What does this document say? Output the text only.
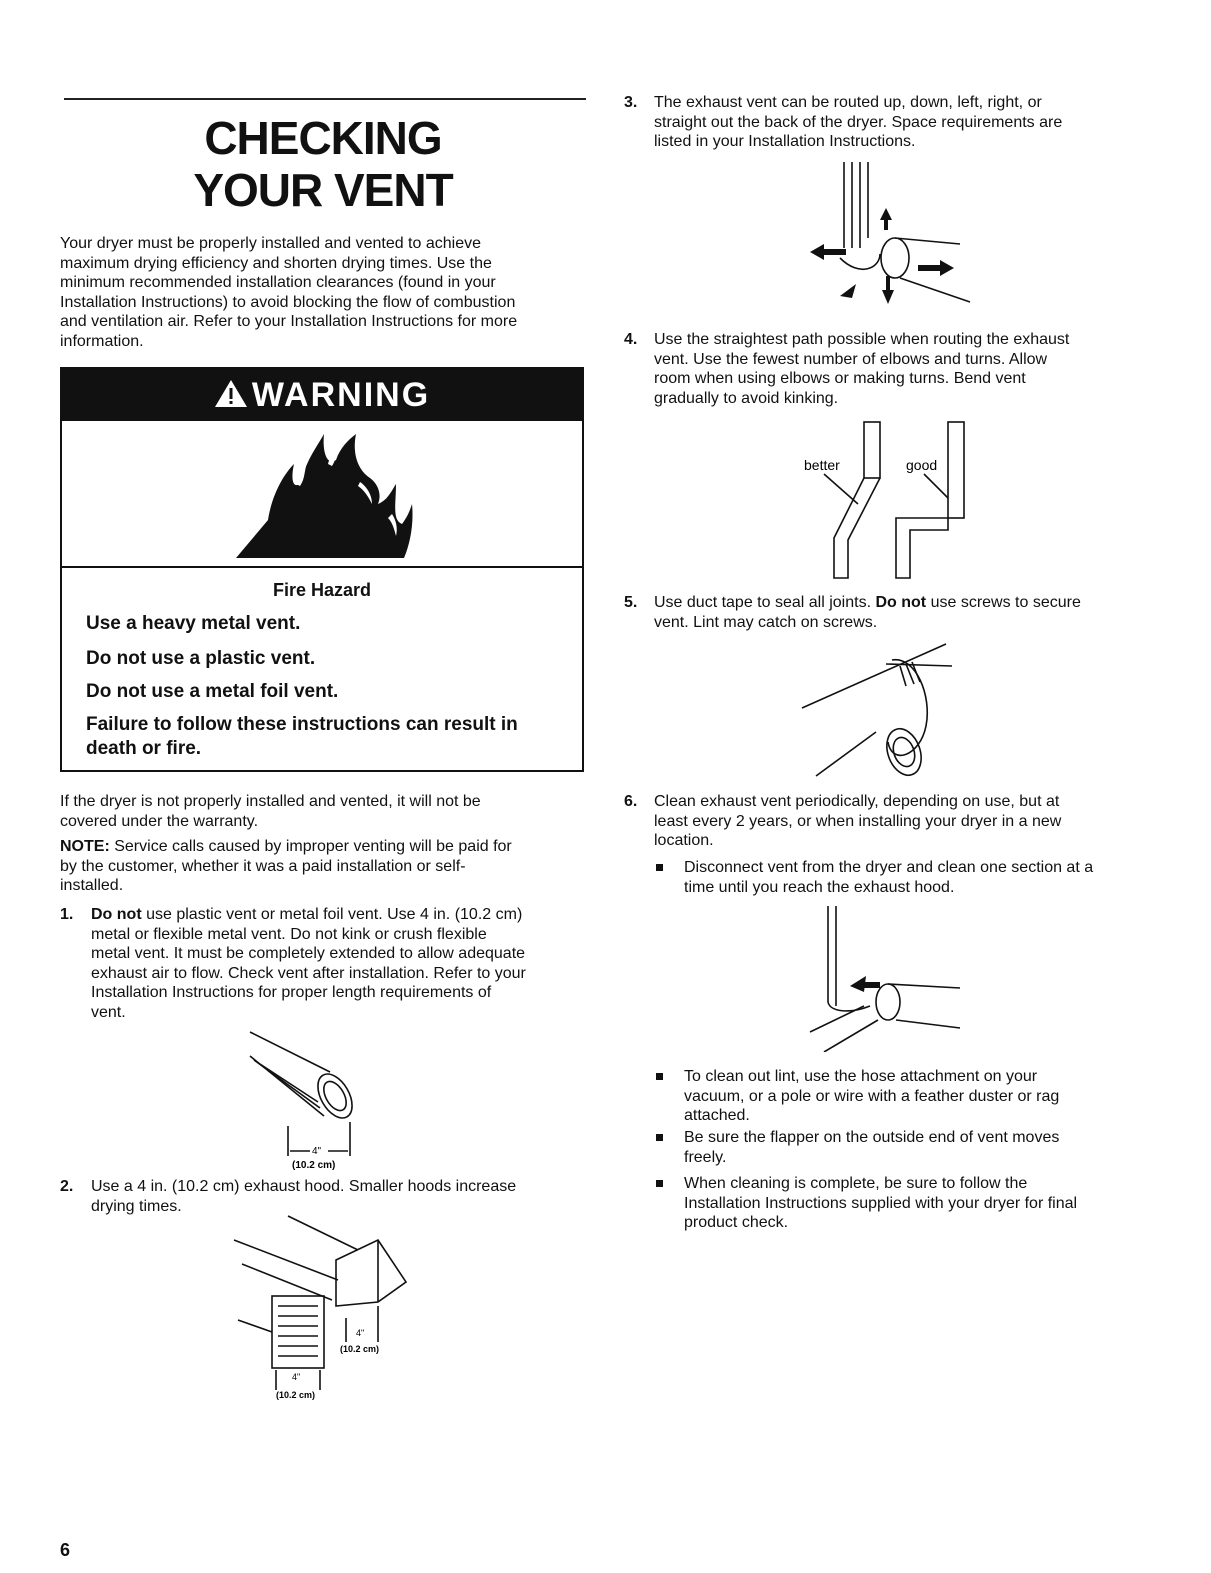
CHECKING
YOUR VENT

Your dryer must be properly installed and vented to achieve

maximum drying efficiency and shorten drying times. Use the

minimum recommended installation clearances (found in your

Installation Instructions) to avoid blocking the flow of combustion

and ventilation air. Refer to your Installation Instructions for more

information.

WARNING
Fire Hazard
Use a heavy metal vent.
Do not use a plastic vent.
Do not use a metal foil vent.
Failure to follow these instructions can result in
death or fire.

If the dryer is not properly installed and vented, it will not be

covered under the warranty.

NOTE: Service calls caused by improper venting will be paid for

by the customer, whether it was a paid installation or self-

installed.

1. Do not use plastic vent or metal foil vent. Use 4 in. (10.2 cm)

metal or flexible metal vent. Do not kink or crush flexible

metal vent. It must be completely extended to allow adequate

exhaust air to flow. Check vent after installation. Refer to your

Installation Instructions for proper length requirements of

vent.

4"
(10.2 cm)
2. Use a 4 in. (10.2 cm) exhaust hood. Smaller hoods increase

drying times.

4"
(10.2 cm)
4"
(10.2 cm)
6
3. The exhaust vent can be routed up, down, left, right, or

straight out the back of the dryer. Space requirements are

listed in your Installation Instructions.

4. Use the straightest path possible when routing the exhaust

vent. Use the fewest number of elbows and turns. Allow

room when using elbows or making turns. Bend vent

gradually to avoid kinking.

better	good
5. Use duct tape to seal all joints. Do not use screws to secure

vent. Lint may catch on screws.

6. Clean exhaust vent periodically, depending on use, but at

least every 2 years, or when installing your dryer in a new

location.

Disconnect vent from the dryer and clean one section at a

time until you reach the exhaust hood.

To clean out lint, use the hose attachment on your

vacuum, or a pole or wire with a feather duster or rag

attached.

Be sure the flapper on the outside end of vent moves

freely.

When cleaning is complete, be sure to follow the

Installation Instructions supplied with your dryer for final

product check.
